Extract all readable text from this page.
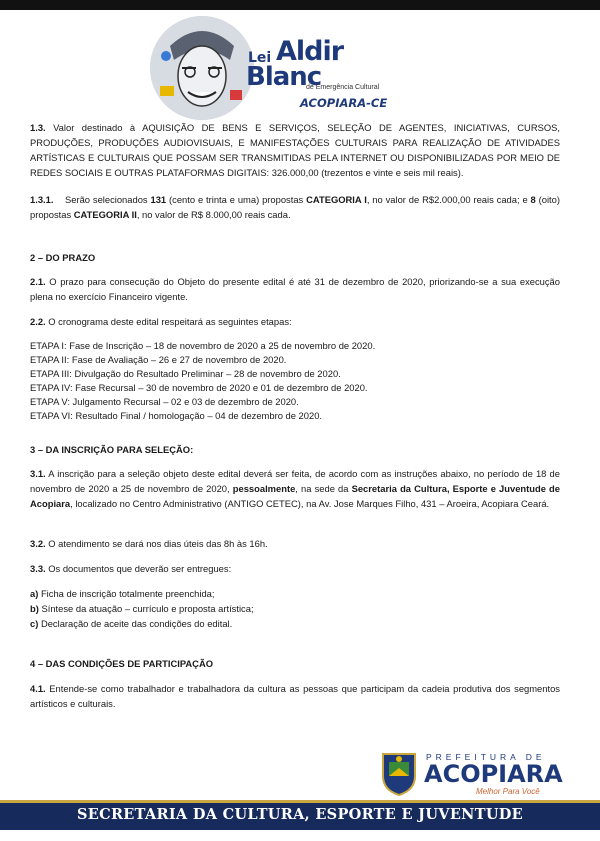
Lei Aldir
Blanc
de Emergência Cultural
ACOPIARA-CE
1.3. Valor destinado à AQUISIÇÃO DE BENS E SERVIÇOS, SELEÇÃO DE AGENTES, INICIATIVAS, CURSOS, PRODUÇÕES, PRODUÇÕES AUDIOVISUAIS, E MANIFESTAÇÕES CULTURAIS PARA REALIZAÇÃO DE ATIVIDADES ARTÍSTICAS E CULTURAIS QUE POSSAM SER TRANSMITIDAS PELA INTERNET OU DISPONIBILIZADAS POR MEIO DE REDES SOCIAIS E OUTRAS PLATAFORMAS DIGITAIS: 326.000,00 (trezentos e vinte e seis mil reais).
1.3.1. Serão selecionados 131 (cento e trinta e uma) propostas CATEGORIA I, no valor de R$2.000,00 reais cada; e 8 (oito) propostas CATEGORIA II, no valor de R$ 8.000,00 reais cada.
2 – DO PRAZO
2.1. O prazo para consecução do Objeto do presente edital é até 31 de dezembro de 2020, priorizando-se a sua execução plena no exercício Financeiro vigente.
2.2. O cronograma deste edital respeitará as seguintes etapas:
ETAPA I: Fase de Inscrição – 18 de novembro de 2020 a 25 de novembro de 2020.
ETAPA II: Fase de Avaliação – 26 e 27 de novembro de 2020.
ETAPA III: Divulgação do Resultado Preliminar – 28 de novembro de 2020.
ETAPA IV: Fase Recursal – 30 de novembro de 2020 e 01 de dezembro de 2020.
ETAPA V: Julgamento Recursal – 02 e 03 de dezembro de 2020.
ETAPA VI: Resultado Final / homologação – 04 de dezembro de 2020.
3 – DA INSCRIÇÃO PARA SELEÇÃO:
3.1. A inscrição para a seleção objeto deste edital deverá ser feita, de acordo com as instruções abaixo, no período de 18 de novembro de 2020 a 25 de novembro de 2020, pessoalmente, na sede da Secretaria da Cultura, Esporte e Juventude de Acopiara, localizado no Centro Administrativo (ANTIGO CETEC), na Av. Jose Marques Filho, 431 – Aroeira, Acopiara Ceará.
3.2. O atendimento se dará nos dias úteis das 8h às 16h.
3.3. Os documentos que deverão ser entregues:
a) Ficha de inscrição totalmente preenchida;
b) Síntese da atuação – currículo e proposta artística;
c) Declaração de aceite das condições do edital.
4 – DAS CONDIÇÕES DE PARTICIPAÇÃO
4.1. Entende-se como trabalhador e trabalhadora da cultura as pessoas que participam da cadeia produtiva dos segmentos artísticos e culturais.
PREFEITURA DE
ACOPIARA
Melhor Para Você
SECRETARIA DA CULTURA, ESPORTE E JUVENTUDE
